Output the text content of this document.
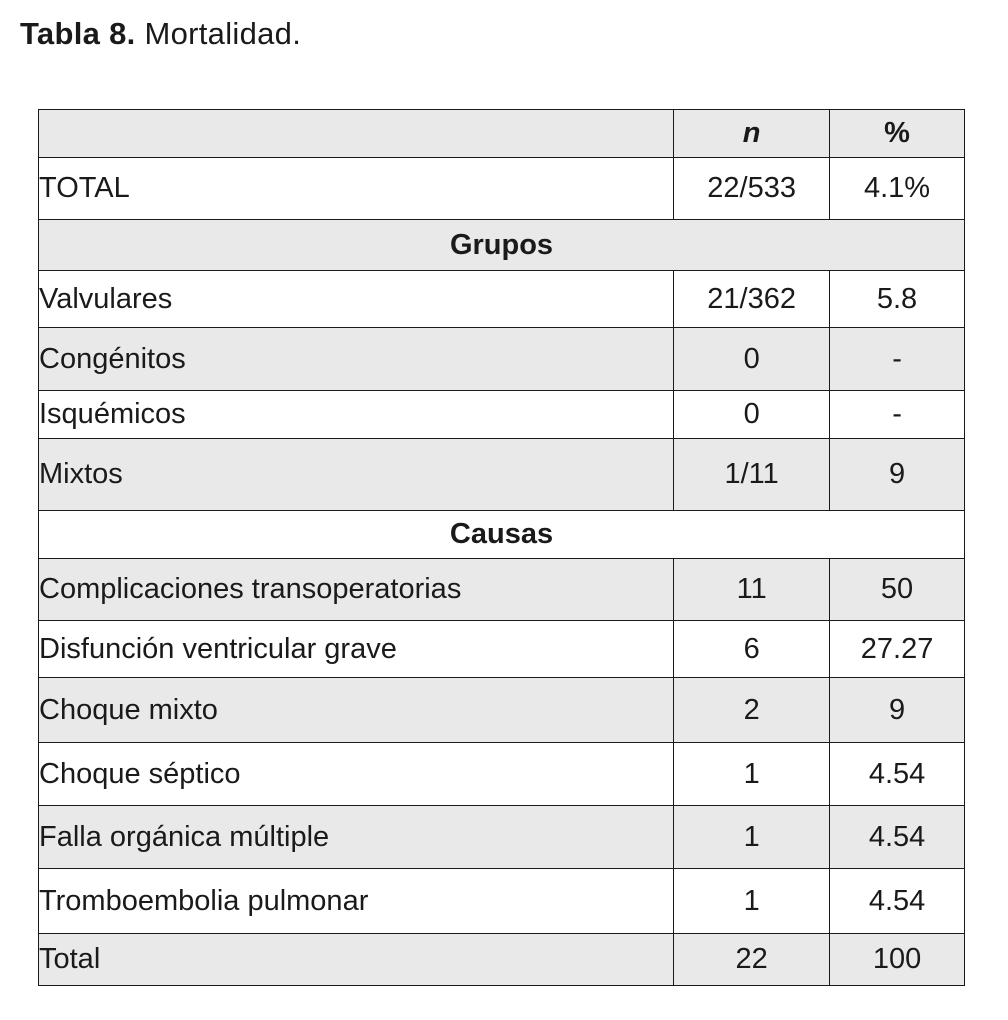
Tabla 8. Mortalidad.
	n	%
TOTAL	22/533	4.1%
Grupos		
Valvulares	21/362	5.8
Congénitos	0	-
Isquémicos	0	-
Mixtos	1/11	9
Causas		
Complicaciones transoperatorias	11	50
Disfunción ventricular grave	6	27.27
Choque mixto	2	9
Choque séptico	1	4.54
Falla orgánica múltiple	1	4.54
Tromboembolia pulmonar	1	4.54
Total	22	100
